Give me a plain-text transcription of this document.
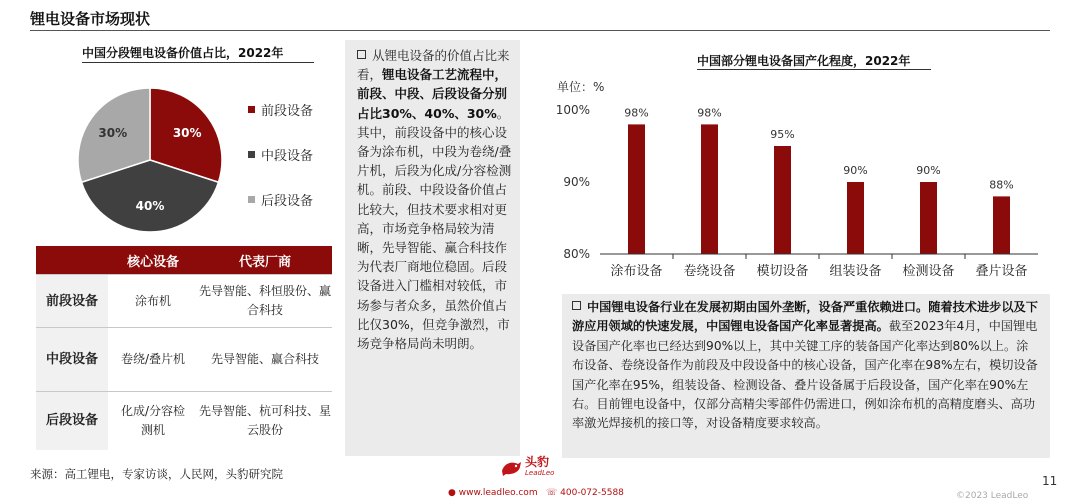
锂电设备市场现状
中国分段锂电设备价值占比，2022年
30%
40%
30%
前段设备
中段设备
后段设备
	核心设备	代表厂商
前段设备	涂布机	先导智能、科恒股份、赢合科技
中段设备	卷绕/叠片机	先导智能、赢合科技
后段设备	化成/分容检测机	先导智能、杭可科技、星云股份
从锂电设备的价值占比来看，锂电设备工艺流程中，前段、中段、后段设备分别占比30%、40%、30%。其中，前段设备中的核心设备为涂布机，中段为卷绕/叠片机，后段为化成/分容检测机。前段、中段设备价值占比较大，但技术要求相对更高，市场竞争格局较为清晰，先导智能、赢合科技作为代表厂商地位稳固。后段设备进入门槛相对较低，市场参与者众多，虽然价值占比仅30%，但竞争激烈，市场竞争格局尚未明朗。
中国部分锂电设备国产化程度，2022年
单位：%
80%
90%
100%	98%	98%
95%
90%	90%
88%
涂布设备 卷绕设备 模切设备 组装设备 检测设备 叠片设备
中国锂电设备行业在发展初期由国外垄断，设备严重依赖进口。随着技术进步以及下游应用领域的快速发展，中国锂电设备国产化率显著提高。截至2023年4月，中国锂电设备国产化率也已经达到90%以上，其中关键工序的装备国产化率达到80%以上。涂布设备、卷绕设备作为前段及中段设备中的核心设备，国产化率在98%左右，模切设备国产化率在95%，组装设备、检测设备、叠片设备属于后段设备，国产化率在90%左右。目前锂电设备中，仅部分高精尖零部件仍需进口，例如涂布机的高精度磨头、高功率激光焊接机的接口等，对设备精度要求较高。
来源：高工锂电，专家访谈，人民网，头豹研究院
头豹
LeadLeo
● www.leadleo.com ☏ 400-072-5588
11
©2023 LeadLeo
